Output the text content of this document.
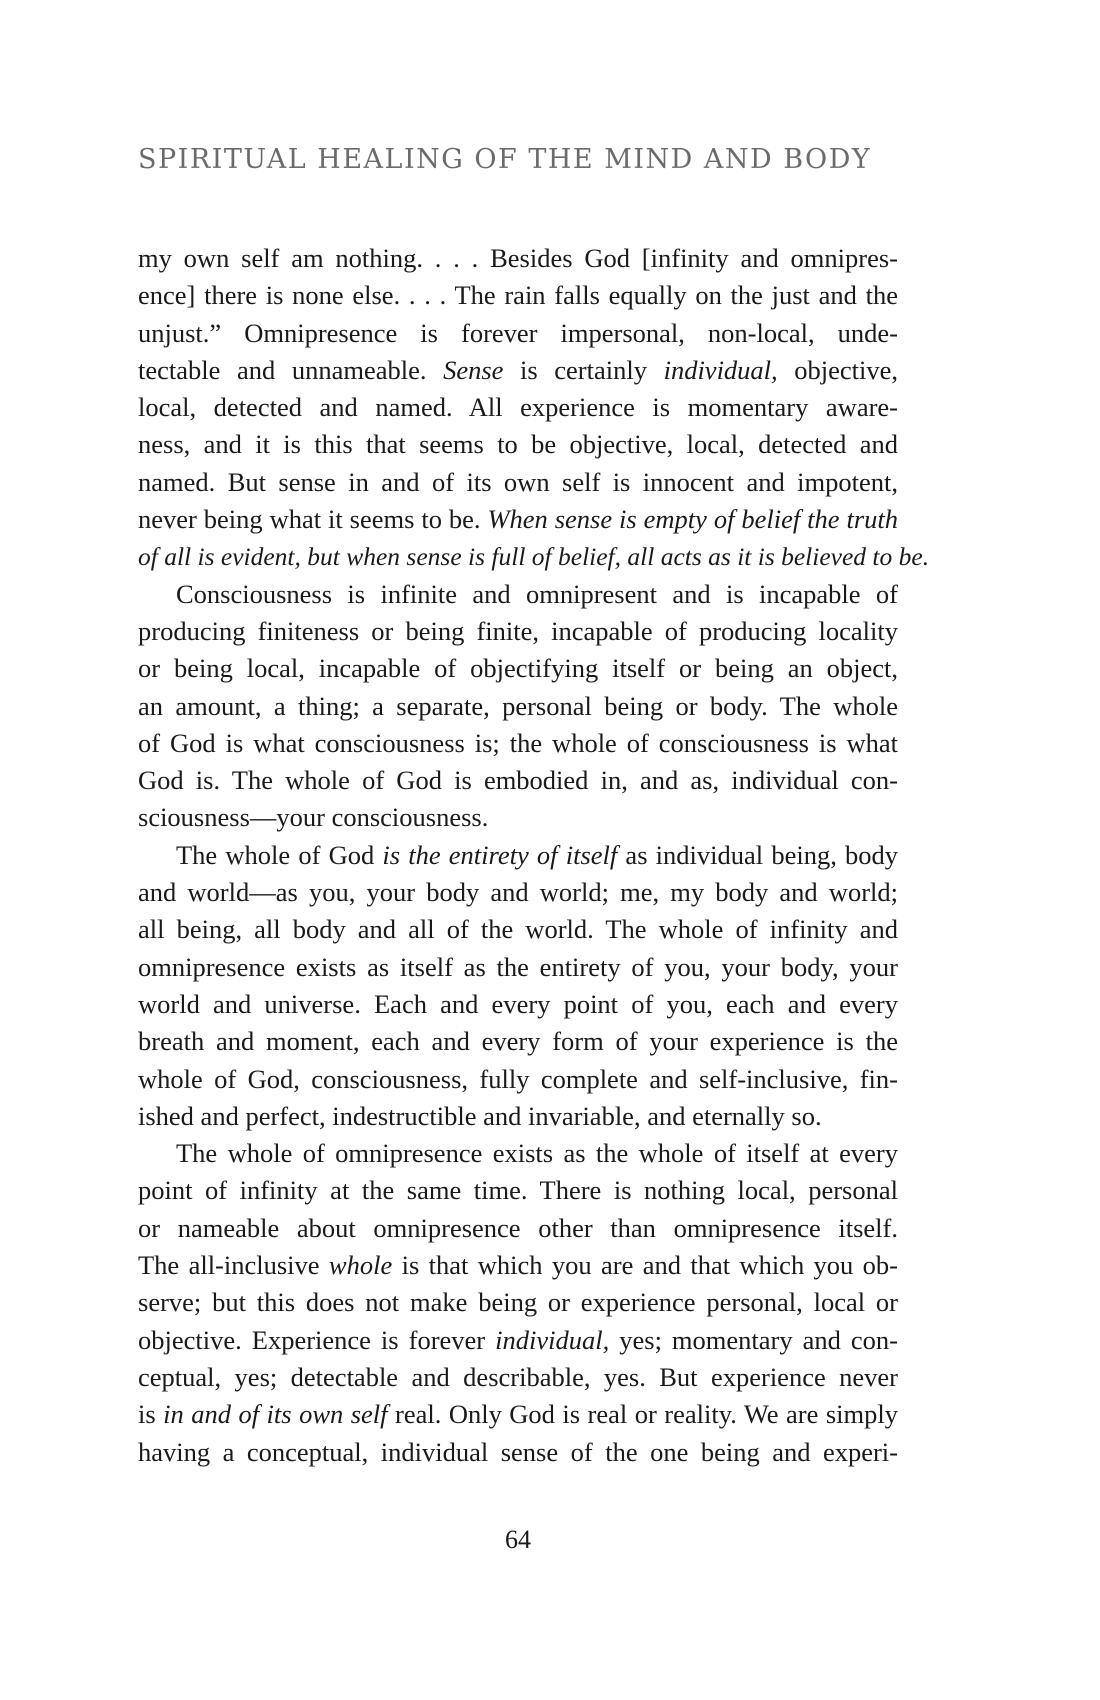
SPIRITUAL HEALING OF THE MIND AND BODY
my own self am nothing. . . . Besides God [infinity and omnipres-
ence] there is none else. . . . The rain falls equally on the just and the
unjust.” Omnipresence is forever impersonal, non-local, unde-
tectable and unnameable. Sense is certainly individual, objective,
local, detected and named. All experience is momentary aware-
ness, and it is this that seems to be objective, local, detected and
named. But sense in and of its own self is innocent and impotent,
never being what it seems to be. When sense is empty of belief the truth
of all is evident, but when sense is full of belief, all acts as it is believed to be.
Consciousness is infinite and omnipresent and is incapable of
producing finiteness or being finite, incapable of producing locality
or being local, incapable of objectifying itself or being an object,
an amount, a thing; a separate, personal being or body. The whole
of God is what consciousness is; the whole of consciousness is what
God is. The whole of God is embodied in, and as, individual con-
sciousness—your consciousness.
The whole of God is the entirety of itself as individual being, body
and world—as you, your body and world; me, my body and world;
all being, all body and all of the world. The whole of infinity and
omnipresence exists as itself as the entirety of you, your body, your
world and universe. Each and every point of you, each and every
breath and moment, each and every form of your experience is the
whole of God, consciousness, fully complete and self-inclusive, fin-
ished and perfect, indestructible and invariable, and eternally so.
The whole of omnipresence exists as the whole of itself at every
point of infinity at the same time. There is nothing local, personal
or nameable about omnipresence other than omnipresence itself.
The all-inclusive whole is that which you are and that which you ob-
serve; but this does not make being or experience personal, local or
objective. Experience is forever individual, yes; momentary and con-
ceptual, yes; detectable and describable, yes. But experience never
is in and of its own self real. Only God is real or reality. We are simply
having a conceptual, individual sense of the one being and experi-
64
